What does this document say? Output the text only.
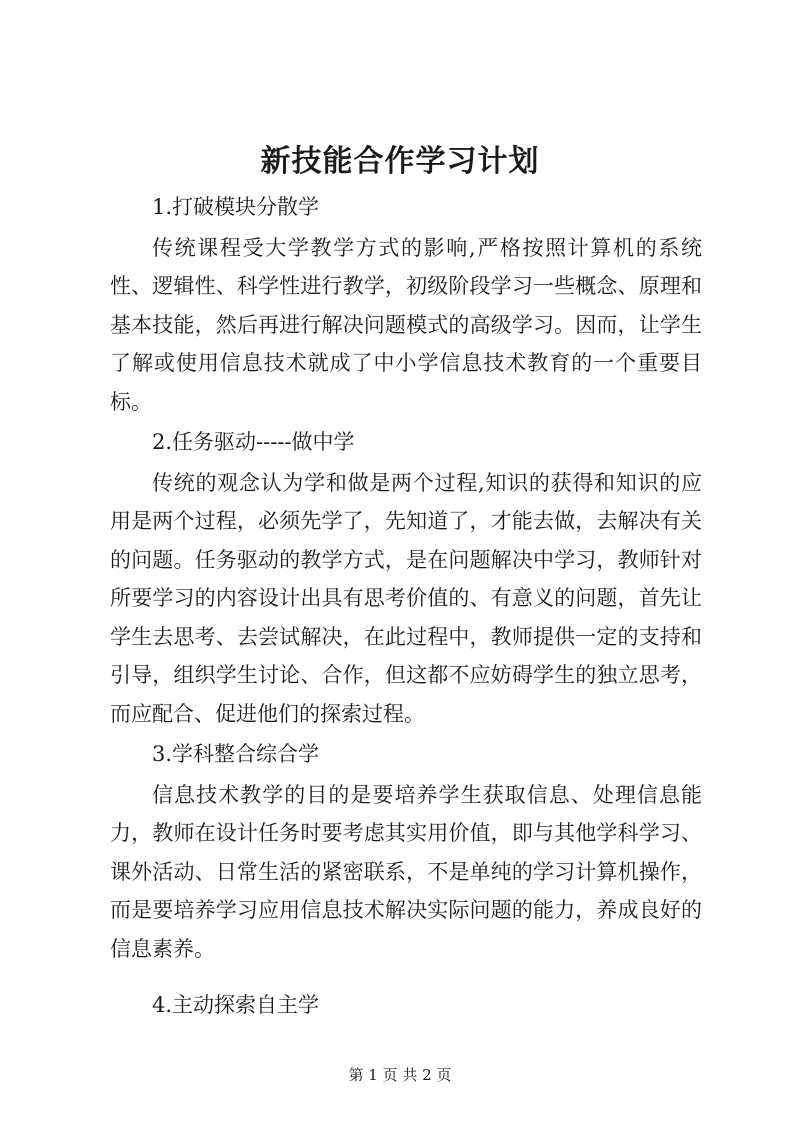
新技能合作学习计划

1.打破模块分散学

传统课程受大学教学方式的影响,严格按照计算机的系统性、逻辑性、科学性进行教学，初级阶段学习一些概念、原理和基本技能，然后再进行解决问题模式的高级学习。因而，让学生了解或使用信息技术就成了中小学信息技术教育的一个重要目标。

2.任务驱动-----做中学

传统的观念认为学和做是两个过程,知识的获得和知识的应用是两个过程，必须先学了，先知道了，才能去做，去解决有关的问题。任务驱动的教学方式，是在问题解决中学习，教师针对所要学习的内容设计出具有思考价值的、有意义的问题，首先让学生去思考、去尝试解决，在此过程中，教师提供一定的支持和引导，组织学生讨论、合作，但这都不应妨碍学生的独立思考，而应配合、促进他们的探索过程。

3.学科整合综合学

信息技术教学的目的是要培养学生获取信息、处理信息能力，教师在设计任务时要考虑其实用价值，即与其他学科学习、课外活动、日常生活的紧密联系，不是单纯的学习计算机操作，而是要培养学习应用信息技术解决实际问题的能力，养成良好的信息素养。

4.主动探索自主学

第 1 页 共 2 页
